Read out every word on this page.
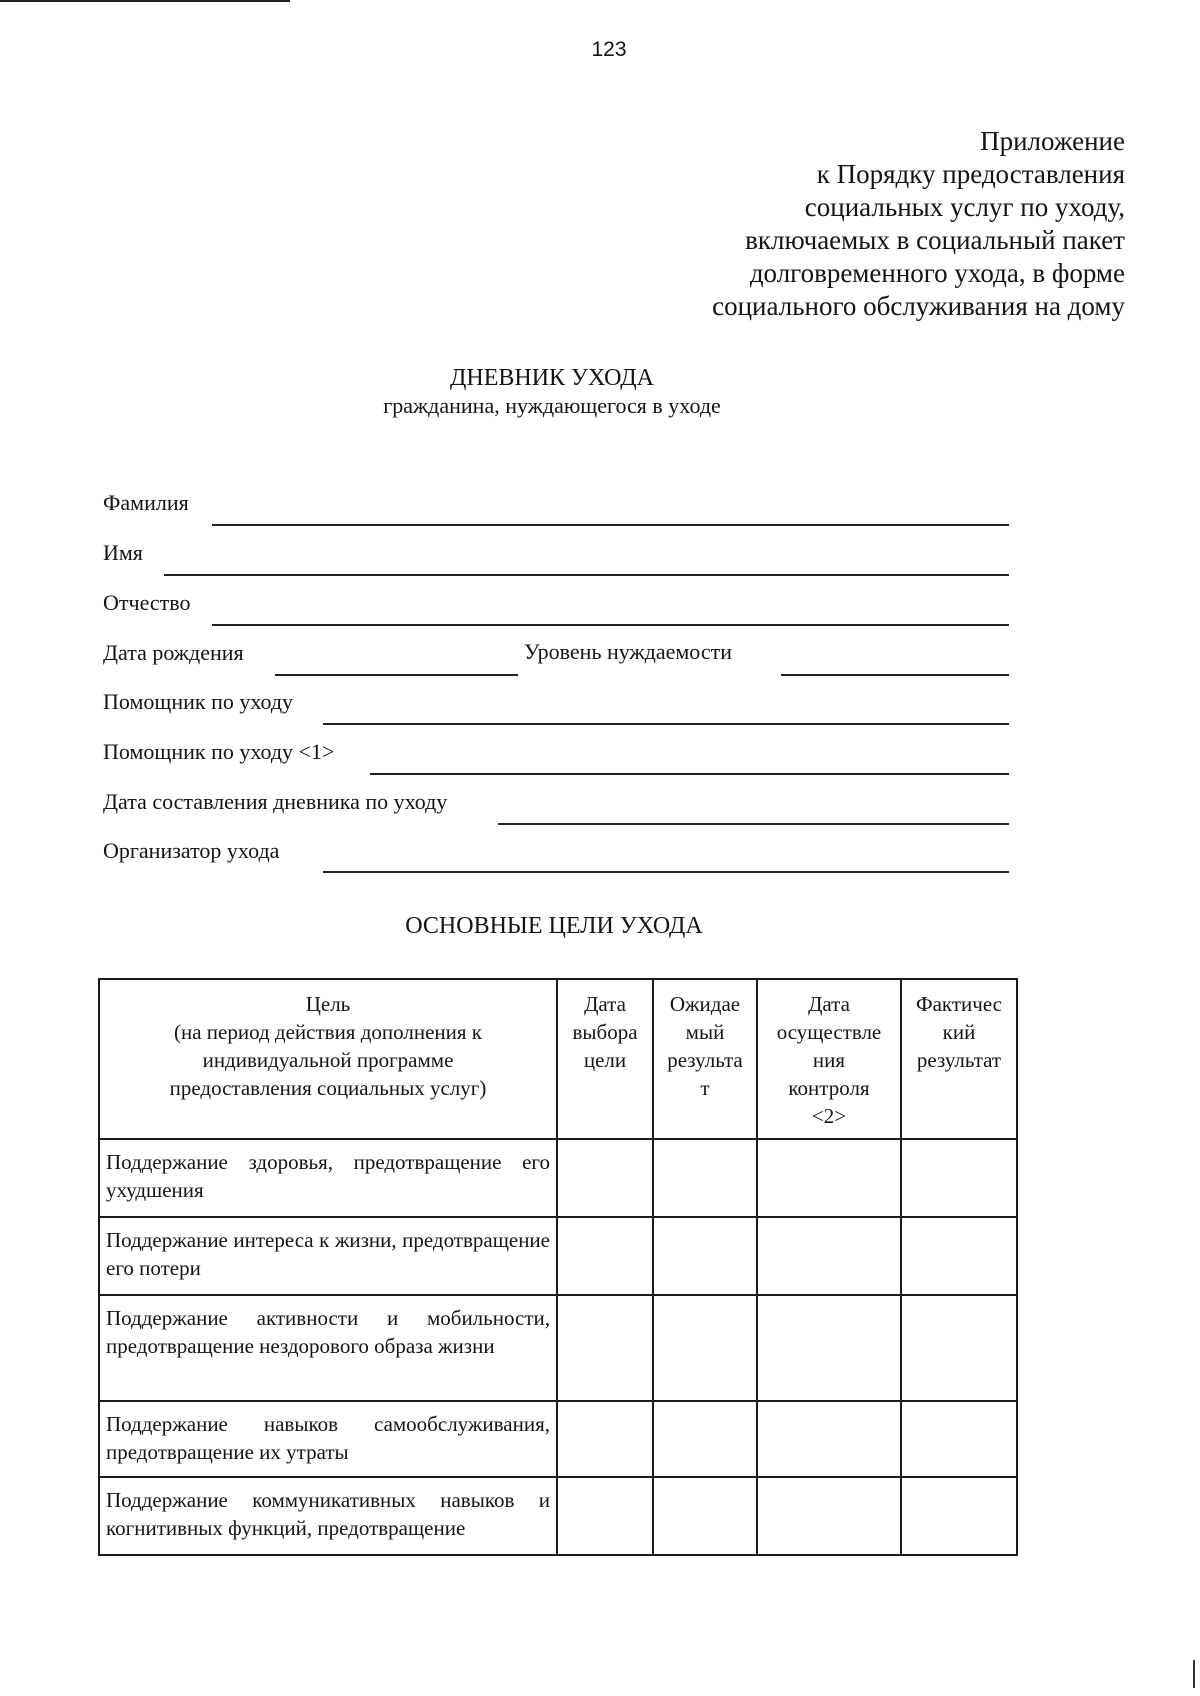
123
Приложение
к Порядку предоставления
социальных услуг по уходу,
включаемых в социальный пакет
долговременного ухода, в форме
социального обслуживания на дому
ДНЕВНИК УХОДА
гражданина, нуждающегося в уходе
Фамилия
Имя
Отчество
Дата рождения	Уровень нуждаемости
Помощник по уходу
Помощник по уходу <1>
Дата составления дневника по уходу
Организатор ухода
ОСНОВНЫЕ ЦЕЛИ УХОДА
Цель
(на период действия дополнения к
индивидуальной программе
предоставления социальных услуг)	Дата
выбора
цели	Ожидае
мый
результа
т	Дата
осуществле
ния
контроля
<2>	Фактичес
кий
результат

Поддержание здоровья, предотвращение его ухудшения				
Поддержание интереса к жизни, предотвращение его потери				
Поддержание активности и мобильности, предотвращение нездорового образа жизни				
Поддержание навыков самообслуживания, предотвращение их утраты				
Поддержание коммуникативных навыков и когнитивных функций, предотвращение				
